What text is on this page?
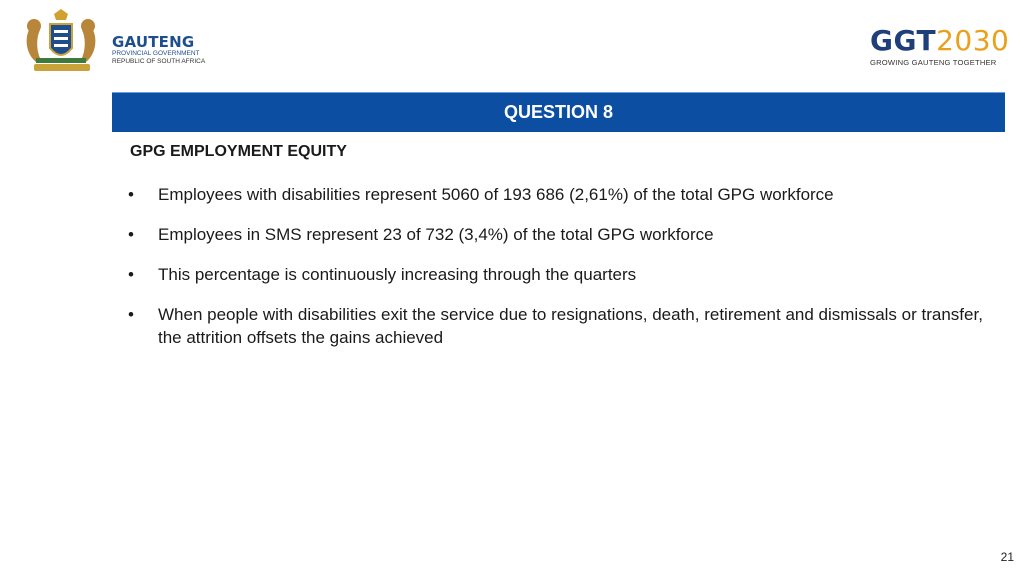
GAUTENG
PROVINCIAL GOVERNMENT
REPUBLIC OF SOUTH AFRICA
GGT2030
GROWING GAUTENG TOGETHER
QUESTION 8
GPG EMPLOYMENT EQUITY
• Employees with disabilities represent 5060 of 193 686 (2,61%) of the total GPG workforce
• Employees in SMS represent 23 of 732 (3,4%) of the total GPG workforce
• This percentage is continuously increasing through the quarters
• When people with disabilities exit the service due to resignations, death, retirement and dismissals or transfer, the attrition offsets the gains achieved
21
